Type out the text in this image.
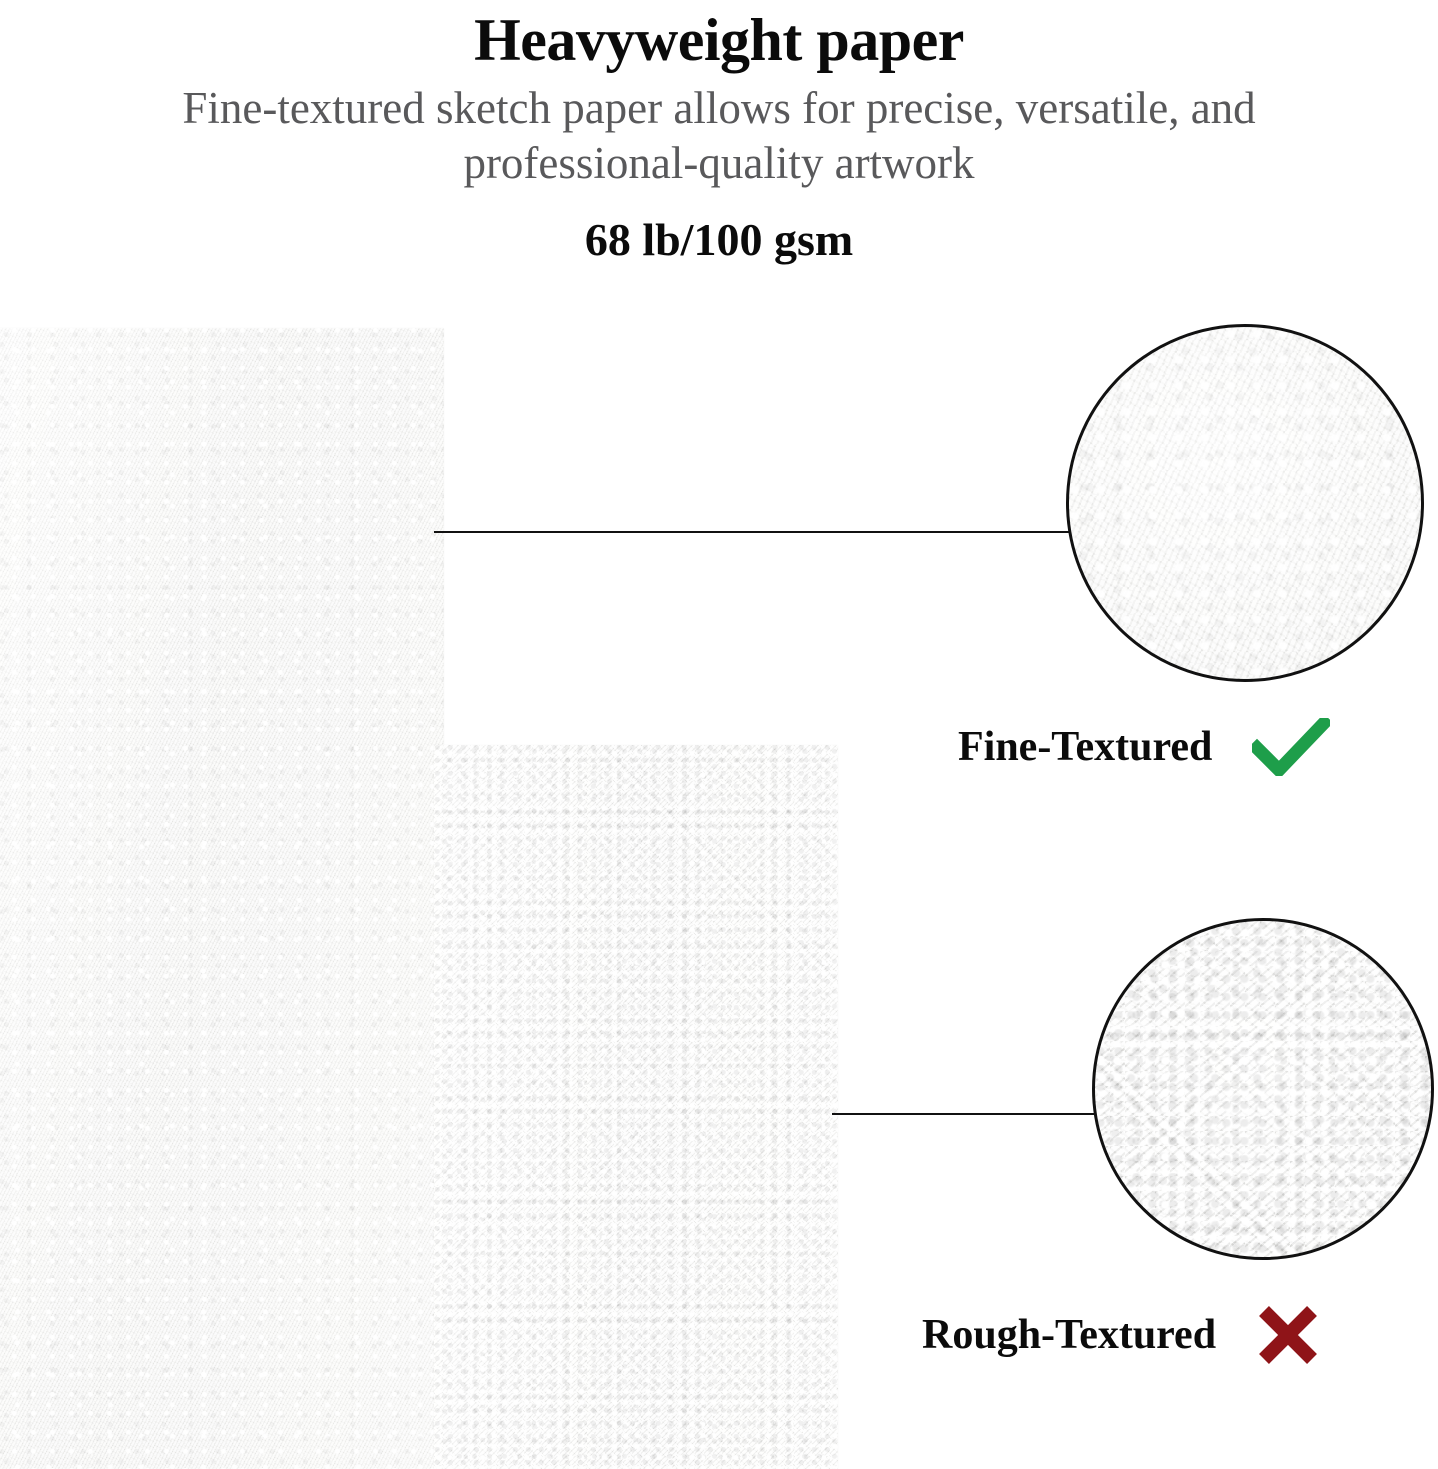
Heavyweight paper
Fine-textured sketch paper allows for precise, versatile, and professional-quality artwork
68 lb/100 gsm
Fine-Textured
Rough-Textured
